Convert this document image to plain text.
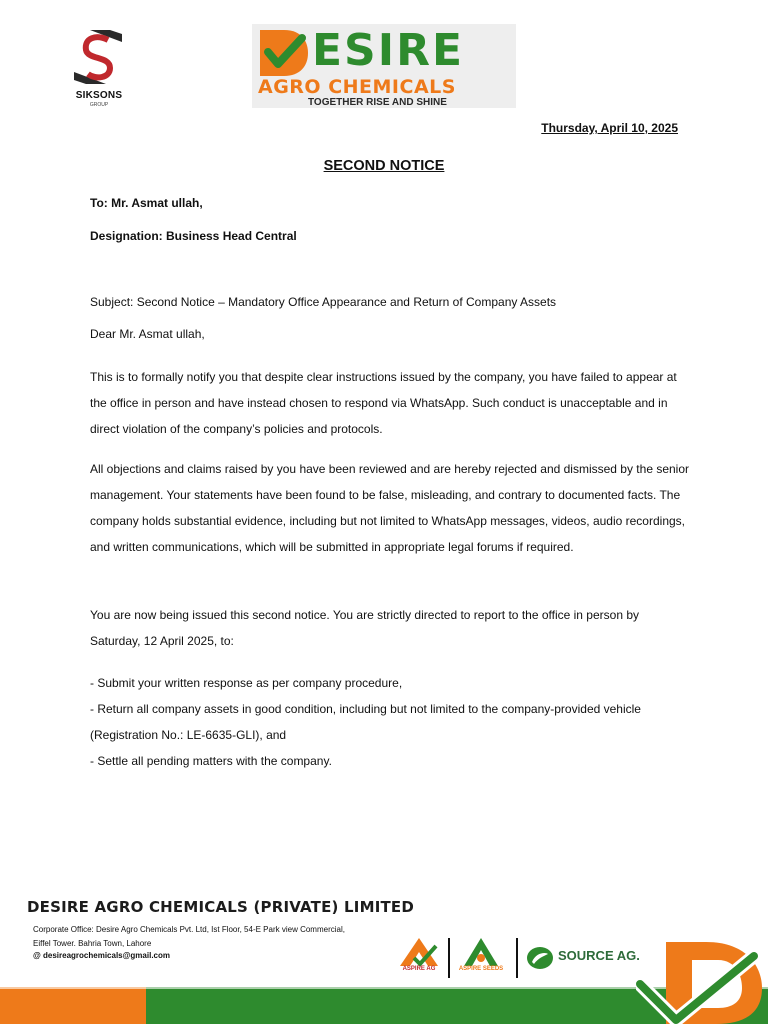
SIKSONS
GROUP
ESIRE
AGRO CHEMICALS
TOGETHER RISE AND SHINE
Thursday, April 10, 2025
SECOND NOTICE
To: Mr. Asmat ullah,
Designation: Business Head Central
Subject: Second Notice – Mandatory Office Appearance and Return of Company Assets
Dear Mr. Asmat ullah,
This is to formally notify you that despite clear instructions issued by the company, you have failed to appear at the office in person and have instead chosen to respond via WhatsApp. Such conduct is unacceptable and in direct violation of the company’s policies and protocols.
All objections and claims raised by you have been reviewed and are hereby rejected and dismissed by the senior management. Your statements have been found to be false, misleading, and contrary to documented facts. The company holds substantial evidence, including but not limited to WhatsApp messages, videos, audio recordings, and written communications, which will be submitted in appropriate legal forums if required.
You are now being issued this second notice. You are strictly directed to report to the office in person by Saturday, 12 April 2025, to:
- Submit your written response as per company procedure,
- Return all company assets in good condition, including but not limited to the company-provided vehicle (Registration No.: LE-6635-GLI), and
- Settle all pending matters with the company.
DESIRE AGRO CHEMICALS (PRIVATE) LIMITED
Corporate Office: Desire Agro Chemicals Pvt. Ltd, Ist Floor, 54-E Park view Commercial, Eiffel Tower. Bahria Town, Lahore
@ desireagrochemicals@gmail.com
ASPIRE AG	ASPIRE SEEDS
SOURCE AG.
